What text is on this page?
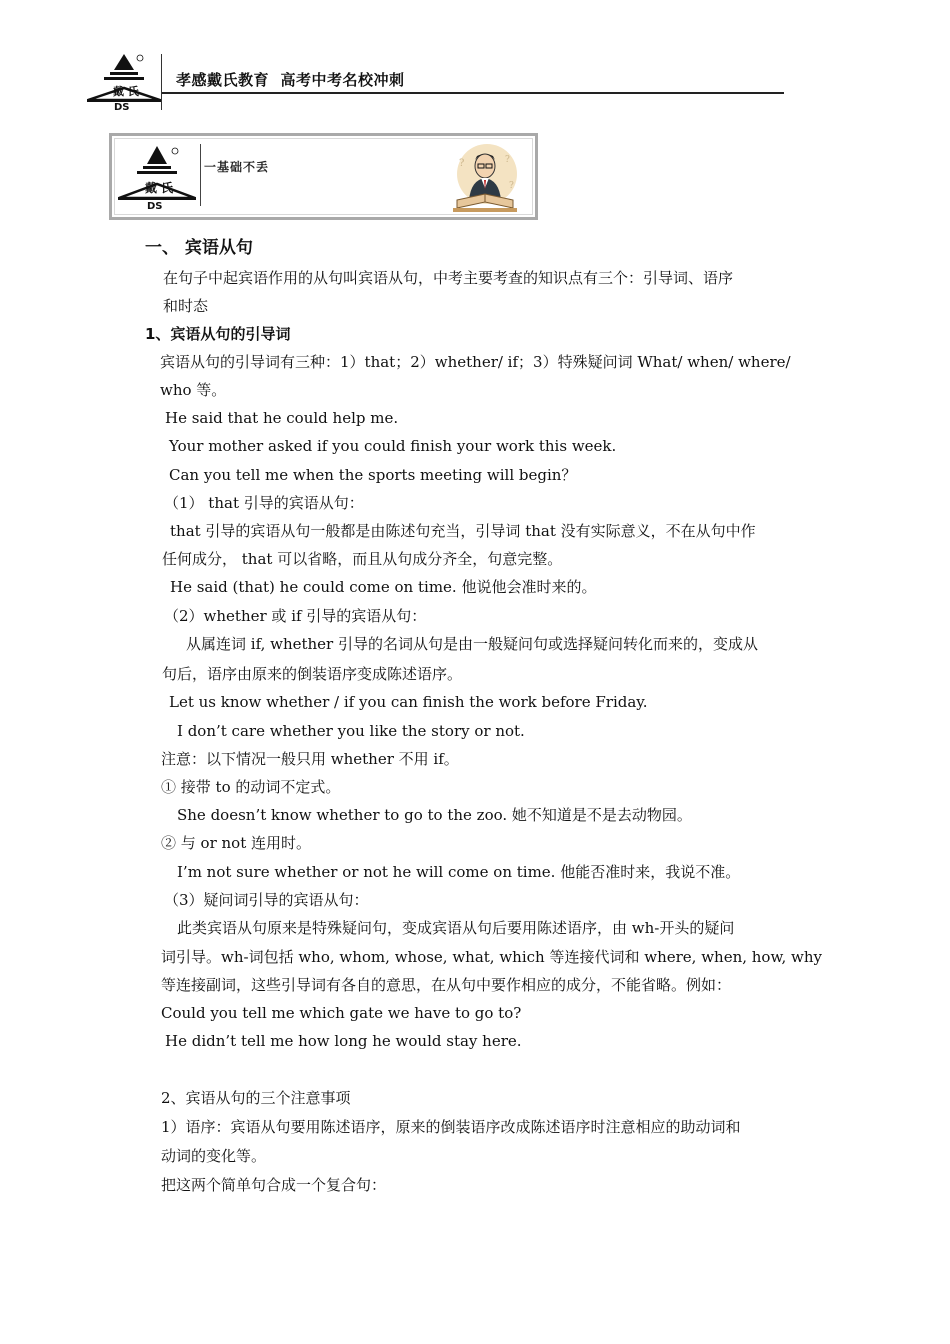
戴 氏
DS
孝感戴氏教育  高考中考名校冲刺
戴 氏
DS
一基础不丢	?	?
?
一、 宾语从句
在句子中起宾语作用的从句叫宾语从句，中考主要考查的知识点有三个：引导词、语序
和时态
1、宾语从句的引导词
宾语从句的引导词有三种：1）that；2）whether/ if；3）特殊疑问词 What/ when/ where/
who 等。
He said that he could help me.
Your mother asked if you could finish your work this week.
Can you tell me when the sports meeting will begin？
（1） that 引导的宾语从句：
that 引导的宾语从句一般都是由陈述句充当，引导词 that 没有实际意义，不在从句中作
任何成分， that 可以省略，而且从句成分齐全，句意完整。
He said (that) he could come on time. 他说他会准时来的。
（2）whether 或 if 引导的宾语从句：
从属连词 if, whether 引导的名词从句是由一般疑问句或选择疑问转化而来的，变成从
句后，语序由原来的倒装语序变成陈述语序。
Let us know whether / if you can finish the work before Friday.
I don’t care whether you like the story or not.
注意：以下情况一般只用 whether 不用 if。
① 接带 to 的动词不定式。
She doesn’t know whether to go to the zoo. 她不知道是不是去动物园。
② 与 or not 连用时。
I’m not sure whether or not he will come on time. 他能否准时来，我说不准。
（3）疑问词引导的宾语从句：
此类宾语从句原来是特殊疑问句，变成宾语从句后要用陈述语序，由 wh-开头的疑问
词引导。wh-词包括 who, whom, whose, what, which 等连接代词和 where, when, how, why
等连接副词，这些引导词有各自的意思，在从句中要作相应的成分，不能省略。例如：
Could you tell me which gate we have to go to?
He didn’t tell me how long he would stay here.
2、宾语从句的三个注意事项
1）语序：宾语从句要用陈述语序，原来的倒装语序改成陈述语序时注意相应的助动词和
动词的变化等。
把这两个简单句合成一个复合句：
